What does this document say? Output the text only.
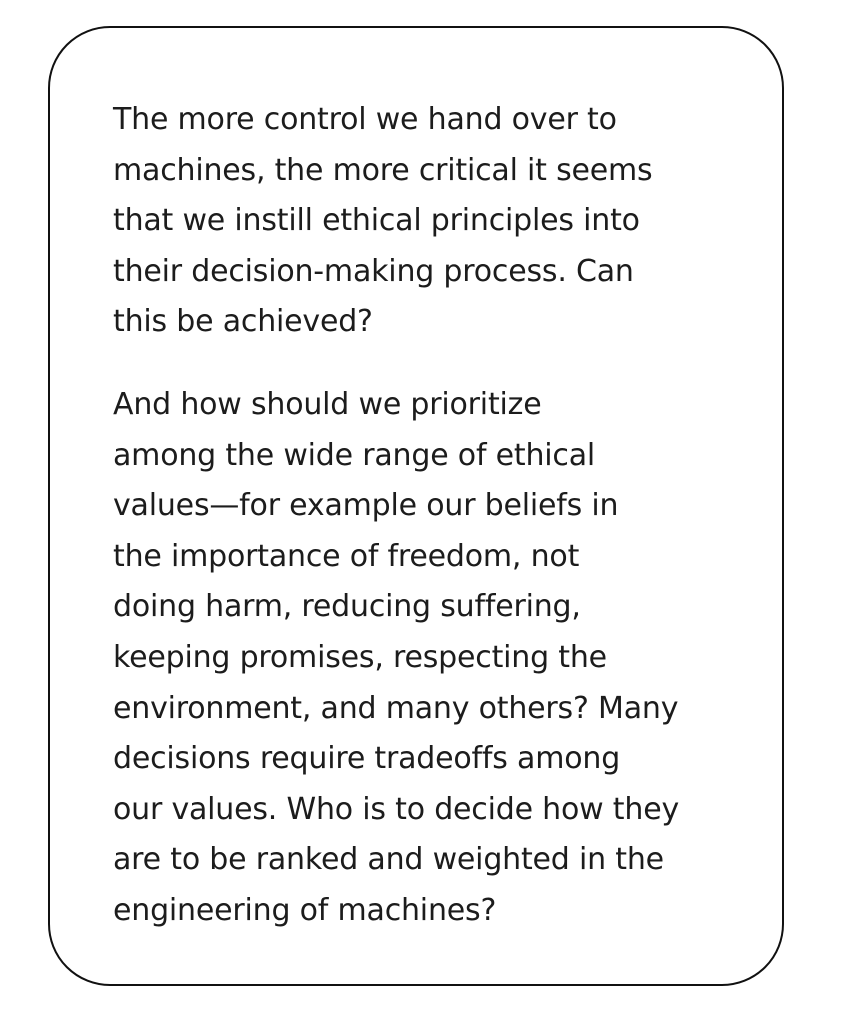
The more control we hand over to
machines, the more critical it seems
that we instill ethical principles into
their decision-making process. Can
this be achieved?

And how should we prioritize
among the wide range of ethical
values—for example our beliefs in
the importance of freedom, not
doing harm, reducing suffering,
keeping promises, respecting the
environment, and many others? Many
decisions require tradeoffs among
our values. Who is to decide how they
are to be ranked and weighted in the
engineering of machines?
